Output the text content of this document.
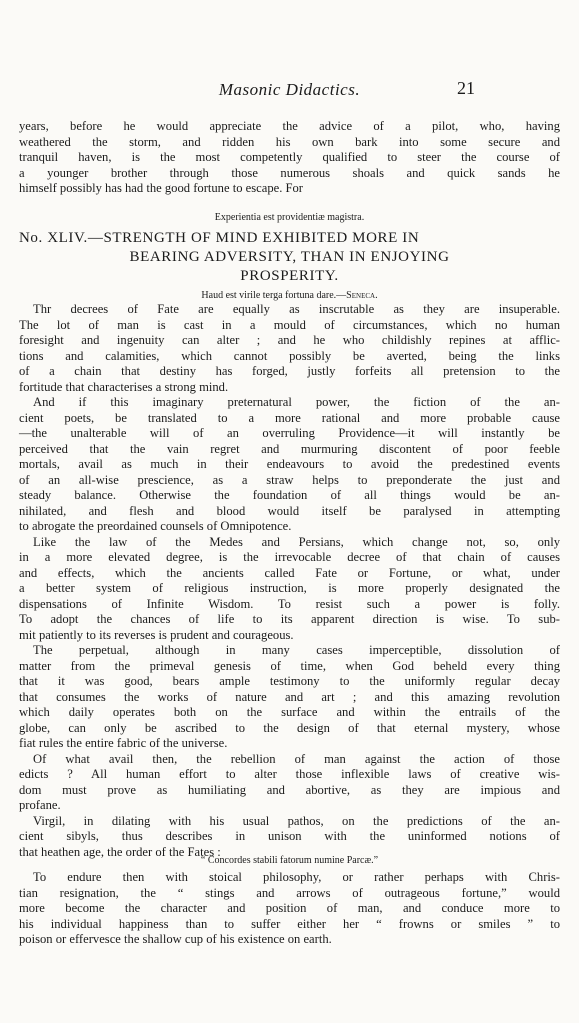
Masonic Didactics.	21
years, before he would appreciate the advice of a pilot, who, having
weathered the storm, and ridden his own bark into some secure and
tranquil haven, is the most competently qualified to steer the course of
a younger brother through those numerous shoals and quick sands he
himself possibly has had the good fortune to escape. For
Experientia est providentiæ magistra.
No. XLIV.—STRENGTH OF MIND EXHIBITED MORE IN
BEARING ADVERSITY, THAN IN ENJOYING
PROSPERITY.
Haud est virile terga fortuna dare.—Seneca.
Thr decrees of Fate are equally as inscrutable as they are insuperable.
The lot of man is cast in a mould of circumstances, which no human
foresight and ingenuity can alter ; and he who childishly repines at afflic-
tions and calamities, which cannot possibly be averted, being the links
of a chain that destiny has forged, justly forfeits all pretension to the
fortitude that characterises a strong mind.
And if this imaginary preternatural power, the fiction of the an-
cient poets, be translated to a more rational and more probable cause
—the unalterable will of an overruling Providence—it will instantly be
perceived that the vain regret and murmuring discontent of poor feeble
mortals, avail as much in their endeavours to avoid the predestined events
of an all-wise prescience, as a straw helps to preponderate the just and
steady balance. Otherwise the foundation of all things would be an-
nihilated, and flesh and blood would itself be paralysed in attempting
to abrogate the preordained counsels of Omnipotence.
Like the law of the Medes and Persians, which change not, so, only
in a more elevated degree, is the irrevocable decree of that chain of causes
and effects, which the ancients called Fate or Fortune, or what, under
a better system of religious instruction, is more properly designated the
dispensations of Infinite Wisdom. To resist such a power is folly.
To adopt the chances of life to its apparent direction is wise. To sub-
mit patiently to its reverses is prudent and courageous.
The perpetual, although in many cases imperceptible, dissolution of
matter from the primeval genesis of time, when God beheld every thing
that it was good, bears ample testimony to the uniformly regular decay
that consumes the works of nature and art ; and this amazing revolution
which daily operates both on the surface and within the entrails of the
globe, can only be ascribed to the design of that eternal mystery, whose
fiat rules the entire fabric of the universe.
Of what avail then, the rebellion of man against the action of those
edicts ? All human effort to alter those inflexible laws of creative wis-
dom must prove as humiliating and abortive, as they are impious and
profane.
Virgil, in dilating with his usual pathos, on the predictions of the an-
cient sibyls, thus describes in unison with the uninformed notions of
that heathen age, the order of the Fates :
“ Concordes stabili fatorum numine Parcæ.”
To endure then with stoical philosophy, or rather perhaps with Chris-
tian resignation, the “ stings and arrows of outrageous fortune,” would
more become the character and position of man, and conduce more to
his individual happiness than to suffer either her “ frowns or smiles ” to
poison or effervesce the shallow cup of his existence on earth.
